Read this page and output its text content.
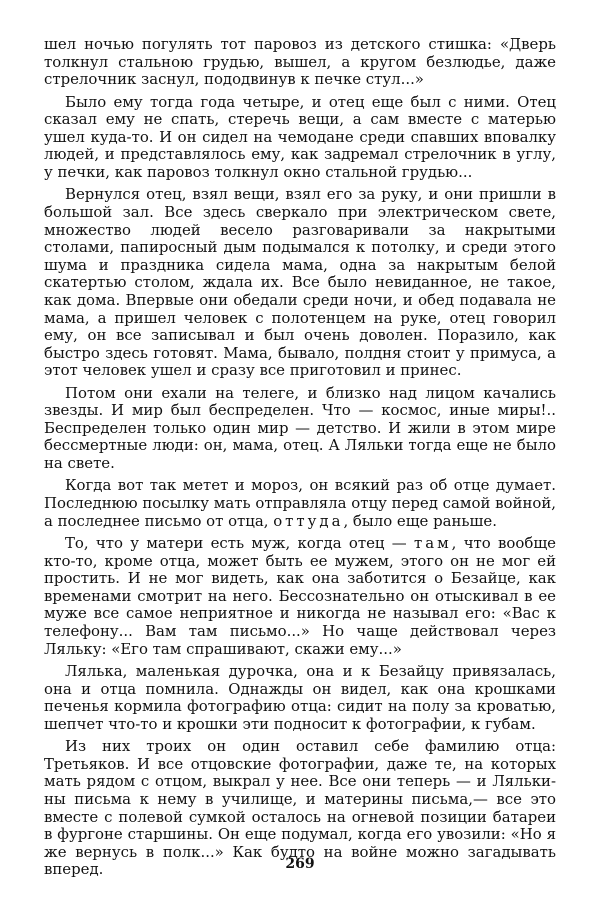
шел ночью погулять тот паровоз из детского стишка: «Дверь толкнул стальною грудью, вышел, а кругом безлюдье, даже стрелочник заснул, пододвинув к печке стул...»

Было ему тогда года четыре, и отец еще был с ними. Отец сказал ему не спать, стеречь вещи, а сам вместе с матерью ушел куда-то. И он сидел на чемодане среди спавших вповалку людей, и представлялось ему, как задремал стрелочник в углу, у печки, как паровоз толкнул окно стальной грудью...

Вернулся отец, взял вещи, взял его за руку, и они пришли в большой зал. Все здесь сверкало при электрическом свете, множество людей весело разговаривали за накрытыми столами, папиросный дым подымался к потолку, и среди этого шума и праздника сидела мама, одна за накрытым белой скатертью столом, ждала их. Все было невиданное, не такое, как дома. Впервые они обедали среди ночи, и обед подавала не мама, а пришел человек с полотенцем на руке, отец говорил ему, он все записывал и был очень доволен. Поразило, как быстро здесь готовят. Мама, бывало, полдня стоит у примуса, а этот человек ушел и сразу все приготовил и принес.

Потом они ехали на телеге, и близко над лицом качались звезды. И мир был беспределен. Что — космос, иные миры!.. Беспределен только один мир — детство. И жили в этом мире бессмертные люди: он, мама, отец. А Ляльки тогда еще не было на свете.

Когда вот так метет и мороз, он всякий раз об отце думает. Последнюю посылку мать отправляла отцу перед самой войной, а последнее письмо от отца, оттуда, было еще раньше.

То, что у матери есть муж, когда отец — там, что вообще кто-то, кроме отца, может быть ее мужем, этого он не мог ей простить. И не мог видеть, как она заботится о Безайце, как временами смотрит на него. Бессознательно он отыскивал в ее муже все самое неприятное и никогда не называл его: «Вас к телефону... Вам там письмо...» Но чаще действовал через Ляльку: «Его там спрашивают, скажи ему...»

Лялька, маленькая дурочка, она и к Безайцу привязалась, она и отца помнила. Однажды он видел, как она крошками печенья кормила фотографию отца: сидит на полу за кроватью, шепчет что-то и крошки эти подносит к фотографии, к губам.

Из них троих он один оставил себе фамилию отца: Третьяков. И все отцовские фотографии, даже те, на которых мать рядом с отцом, выкрал у нее. Все они теперь — и Лялькины письма к нему в училище, и материны письма,— все это вместе с полевой сумкой осталось на огневой позиции батареи в фургоне старшины. Он еще подумал, когда его увозили: «Но я же вернусь в полк...» Как будто на войне можно загадывать вперед.	269
